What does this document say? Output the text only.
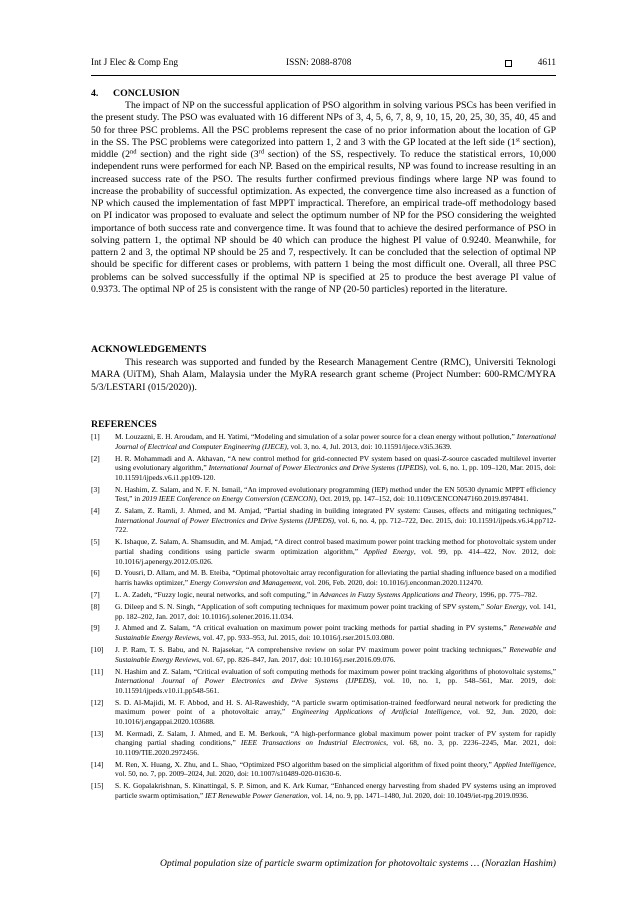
Int J Elec & Comp Eng	ISSN: 2088-8708	4611
4. CONCLUSION

The impact of NP on the successful application of PSO algorithm in solving various PSCs has been verified in the present study. The PSO was evaluated with 16 different NPs of 3, 4, 5, 6, 7, 8, 9, 10, 15, 20, 25, 30, 35, 40, 45 and 50 for three PSC problems. All the PSC problems represent the case of no prior information about the location of GP in the SS. The PSC problems were categorized into pattern 1, 2 and 3 with the GP located at the left side (1st section), middle (2nd section) and the right side (3rd section) of the SS, respectively. To reduce the statistical errors, 10,000 independent runs were performed for each NP. Based on the empirical results, NP was found to increase resulting in an increased success rate of the PSO. The results further confirmed previous findings where large NP was found to increase the probability of successful optimization. As expected, the convergence time also increased as a function of NP which caused the implementation of fast MPPT impractical. Therefore, an empirical trade-off methodology based on PI indicator was proposed to evaluate and select the optimum number of NP for the PSO considering the weighted importance of both success rate and convergence time. It was found that to achieve the desired performance of PSO in solving pattern 1, the optimal NP should be 40 which can produce the highest PI value of 0.9240. Meanwhile, for pattern 2 and 3, the optimal NP should be 25 and 7, respectively. It can be concluded that the selection of optimal NP should be specific for different cases or problems, with pattern 1 being the most difficult one. Overall, all three PSC problems can be solved successfully if the optimal NP is specified at 25 to produce the best average PI value of 0.9373. The optimal NP of 25 is consistent with the range of NP (20-50 particles) reported in the literature.

ACKNOWLEDGEMENTS

This research was supported and funded by the Research Management Centre (RMC), Universiti Teknologi MARA (UiTM), Shah Alam, Malaysia under the MyRA research grant scheme (Project Number: 600-RMC/MYRA 5/3/LESTARI (015/2020)).

REFERENCES
[1]	M. Louzazni, E. H. Aroudam, and H. Yatimi, “Modeling and simulation of a solar power source for a clean energy without pollution,” International Journal of Electrical and Computer Engineering (IJECE), vol. 3, no. 4, Jul. 2013, doi: 10.11591/ijece.v3i5.3639.
[2]	H. R. Mohammadi and A. Akhavan, “A new control method for grid-connected PV system based on quasi-Z-source cascaded multilevel inverter using evolutionary algorithm,” International Journal of Power Electronics and Drive Systems (IJPEDS), vol. 6, no. 1, pp. 109–120, Mar. 2015, doi: 10.11591/ijpeds.v6.i1.pp109-120.
[3]	N. Hashim, Z. Salam, and N. F. N. Ismail, “An improved evolutionary programming (IEP) method under the EN 50530 dynamic MPPT efficiency Test,” in 2019 IEEE Conference on Energy Conversion (CENCON), Oct. 2019, pp. 147–152, doi: 10.1109/CENCON47160.2019.8974841.
[4]	Z. Salam, Z. Ramli, J. Ahmed, and M. Amjad, “Partial shading in building integrated PV system: Causes, effects and mitigating techniques,” International Journal of Power Electronics and Drive Systems (IJPEDS), vol. 6, no. 4, pp. 712–722, Dec. 2015, doi: 10.11591/ijpeds.v6.i4.pp712-722.
[5]	K. Ishaque, Z. Salam, A. Shamsudin, and M. Amjad, “A direct control based maximum power point tracking method for photovoltaic system under partial shading conditions using particle swarm optimization algorithm,” Applied Energy, vol. 99, pp. 414–422, Nov. 2012, doi: 10.1016/j.apenergy.2012.05.026.
[6]	D. Yousri, D. Allam, and M. B. Eteiba, “Optimal photovoltaic array reconfiguration for alleviating the partial shading influence based on a modified harris hawks optimizer,” Energy Conversion and Management, vol. 206, Feb. 2020, doi: 10.1016/j.enconman.2020.112470.
[7]	L. A. Zadeh, “Fuzzy logic, neural networks, and soft computing,” in Advances in Fuzzy Systems Applications and Theory, 1996, pp. 775–782.
[8]	G. Dileep and S. N. Singh, “Application of soft computing techniques for maximum power point tracking of SPV system,” Solar Energy, vol. 141, pp. 182–202, Jan. 2017, doi: 10.1016/j.solener.2016.11.034.
[9]	J. Ahmed and Z. Salam, “A critical evaluation on maximum power point tracking methods for partial shading in PV systems,” Renewable and Sustainable Energy Reviews, vol. 47, pp. 933–953, Jul. 2015, doi: 10.1016/j.rser.2015.03.080.
[10]	J. P. Ram, T. S. Babu, and N. Rajasekar, “A comprehensive review on solar PV maximum power point tracking techniques,” Renewable and Sustainable Energy Reviews, vol. 67, pp. 826–847, Jan. 2017, doi: 10.1016/j.rser.2016.09.076.
[11]	N. Hashim and Z. Salam, “Critical evaluation of soft computing methods for maximum power point tracking algorithms of photovoltaic systems,” International Journal of Power Electronics and Drive Systems (IJPEDS), vol. 10, no. 1, pp. 548–561, Mar. 2019, doi: 10.11591/ijpeds.v10.i1.pp548-561.
[12]	S. D. Al-Majidi, M. F. Abbod, and H. S. Al-Raweshidy, “A particle swarm optimisation-trained feedforward neural network for predicting the maximum power point of a photovoltaic array,” Engineering Applications of Artificial Intelligence, vol. 92, Jun. 2020, doi: 10.1016/j.engappai.2020.103688.
[13]	M. Kermadi, Z. Salam, J. Ahmed, and E. M. Berkouk, “A high-performance global maximum power point tracker of PV system for rapidly changing partial shading conditions,” IEEE Transactions on Industrial Electronics, vol. 68, no. 3, pp. 2236–2245, Mar. 2021, doi: 10.1109/TIE.2020.2972456.
[14]	M. Ren, X. Huang, X. Zhu, and L. Shao, “Optimized PSO algorithm based on the simplicial algorithm of fixed point theory,” Applied Intelligence, vol. 50, no. 7, pp. 2009–2024, Jul. 2020, doi: 10.1007/s10489-020-01630-6.
[15]	S. K. Gopalakrishnan, S. Kinattingal, S. P. Simon, and K. Ark Kumar, “Enhanced energy harvesting from shaded PV systems using an improved particle swarm optimisation,” IET Renewable Power Generation, vol. 14, no. 9, pp. 1471–1480, Jul. 2020, doi: 10.1049/iet-rpg.2019.0936.
Optimal population size of particle swarm optimization for photovoltaic systems … (Norazlan Hashim)
